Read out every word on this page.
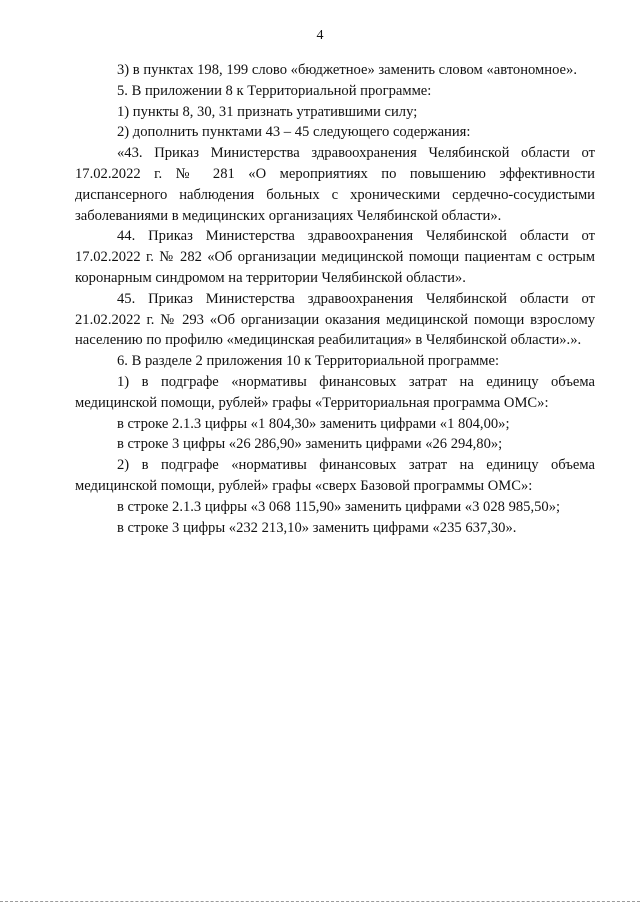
4

3) в пунктах 198, 199 слово «бюджетное» заменить словом «автономное».

5. В приложении 8 к Территориальной программе:

1) пункты 8, 30, 31 признать утратившими силу;

2) дополнить пунктами 43 – 45 следующего содержания:

«43. Приказ Министерства здравоохранения Челябинской области от 17.02.2022 г. № 281 «О мероприятиях по повышению эффективности диспансерного наблюдения больных с хроническими сердечно-сосудистыми заболеваниями в медицинских организациях Челябинской области».

44. Приказ Министерства здравоохранения Челябинской области от 17.02.2022 г. № 282 «Об организации медицинской помощи пациентам с острым коронарным синдромом на территории Челябинской области».

45. Приказ Министерства здравоохранения Челябинской области от 21.02.2022 г. № 293 «Об организации оказания медицинской помощи взрослому населению по профилю «медицинская реабилитация» в Челябинской области».».

6. В разделе 2 приложения 10 к Территориальной программе:

1) в подграфе «нормативы финансовых затрат на единицу объема медицинской помощи, рублей» графы «Территориальная программа ОМС»:

в строке 2.1.3 цифры «1 804,30» заменить цифрами «1 804,00»;

в строке 3 цифры «26 286,90» заменить цифрами «26 294,80»;

2) в подграфе «нормативы финансовых затрат на единицу объема медицинской помощи, рублей» графы «сверх Базовой программы ОМС»:

в строке 2.1.3 цифры «3 068 115,90» заменить цифрами «3 028 985,50»;

в строке 3 цифры «232 213,10» заменить цифрами «235 637,30».
